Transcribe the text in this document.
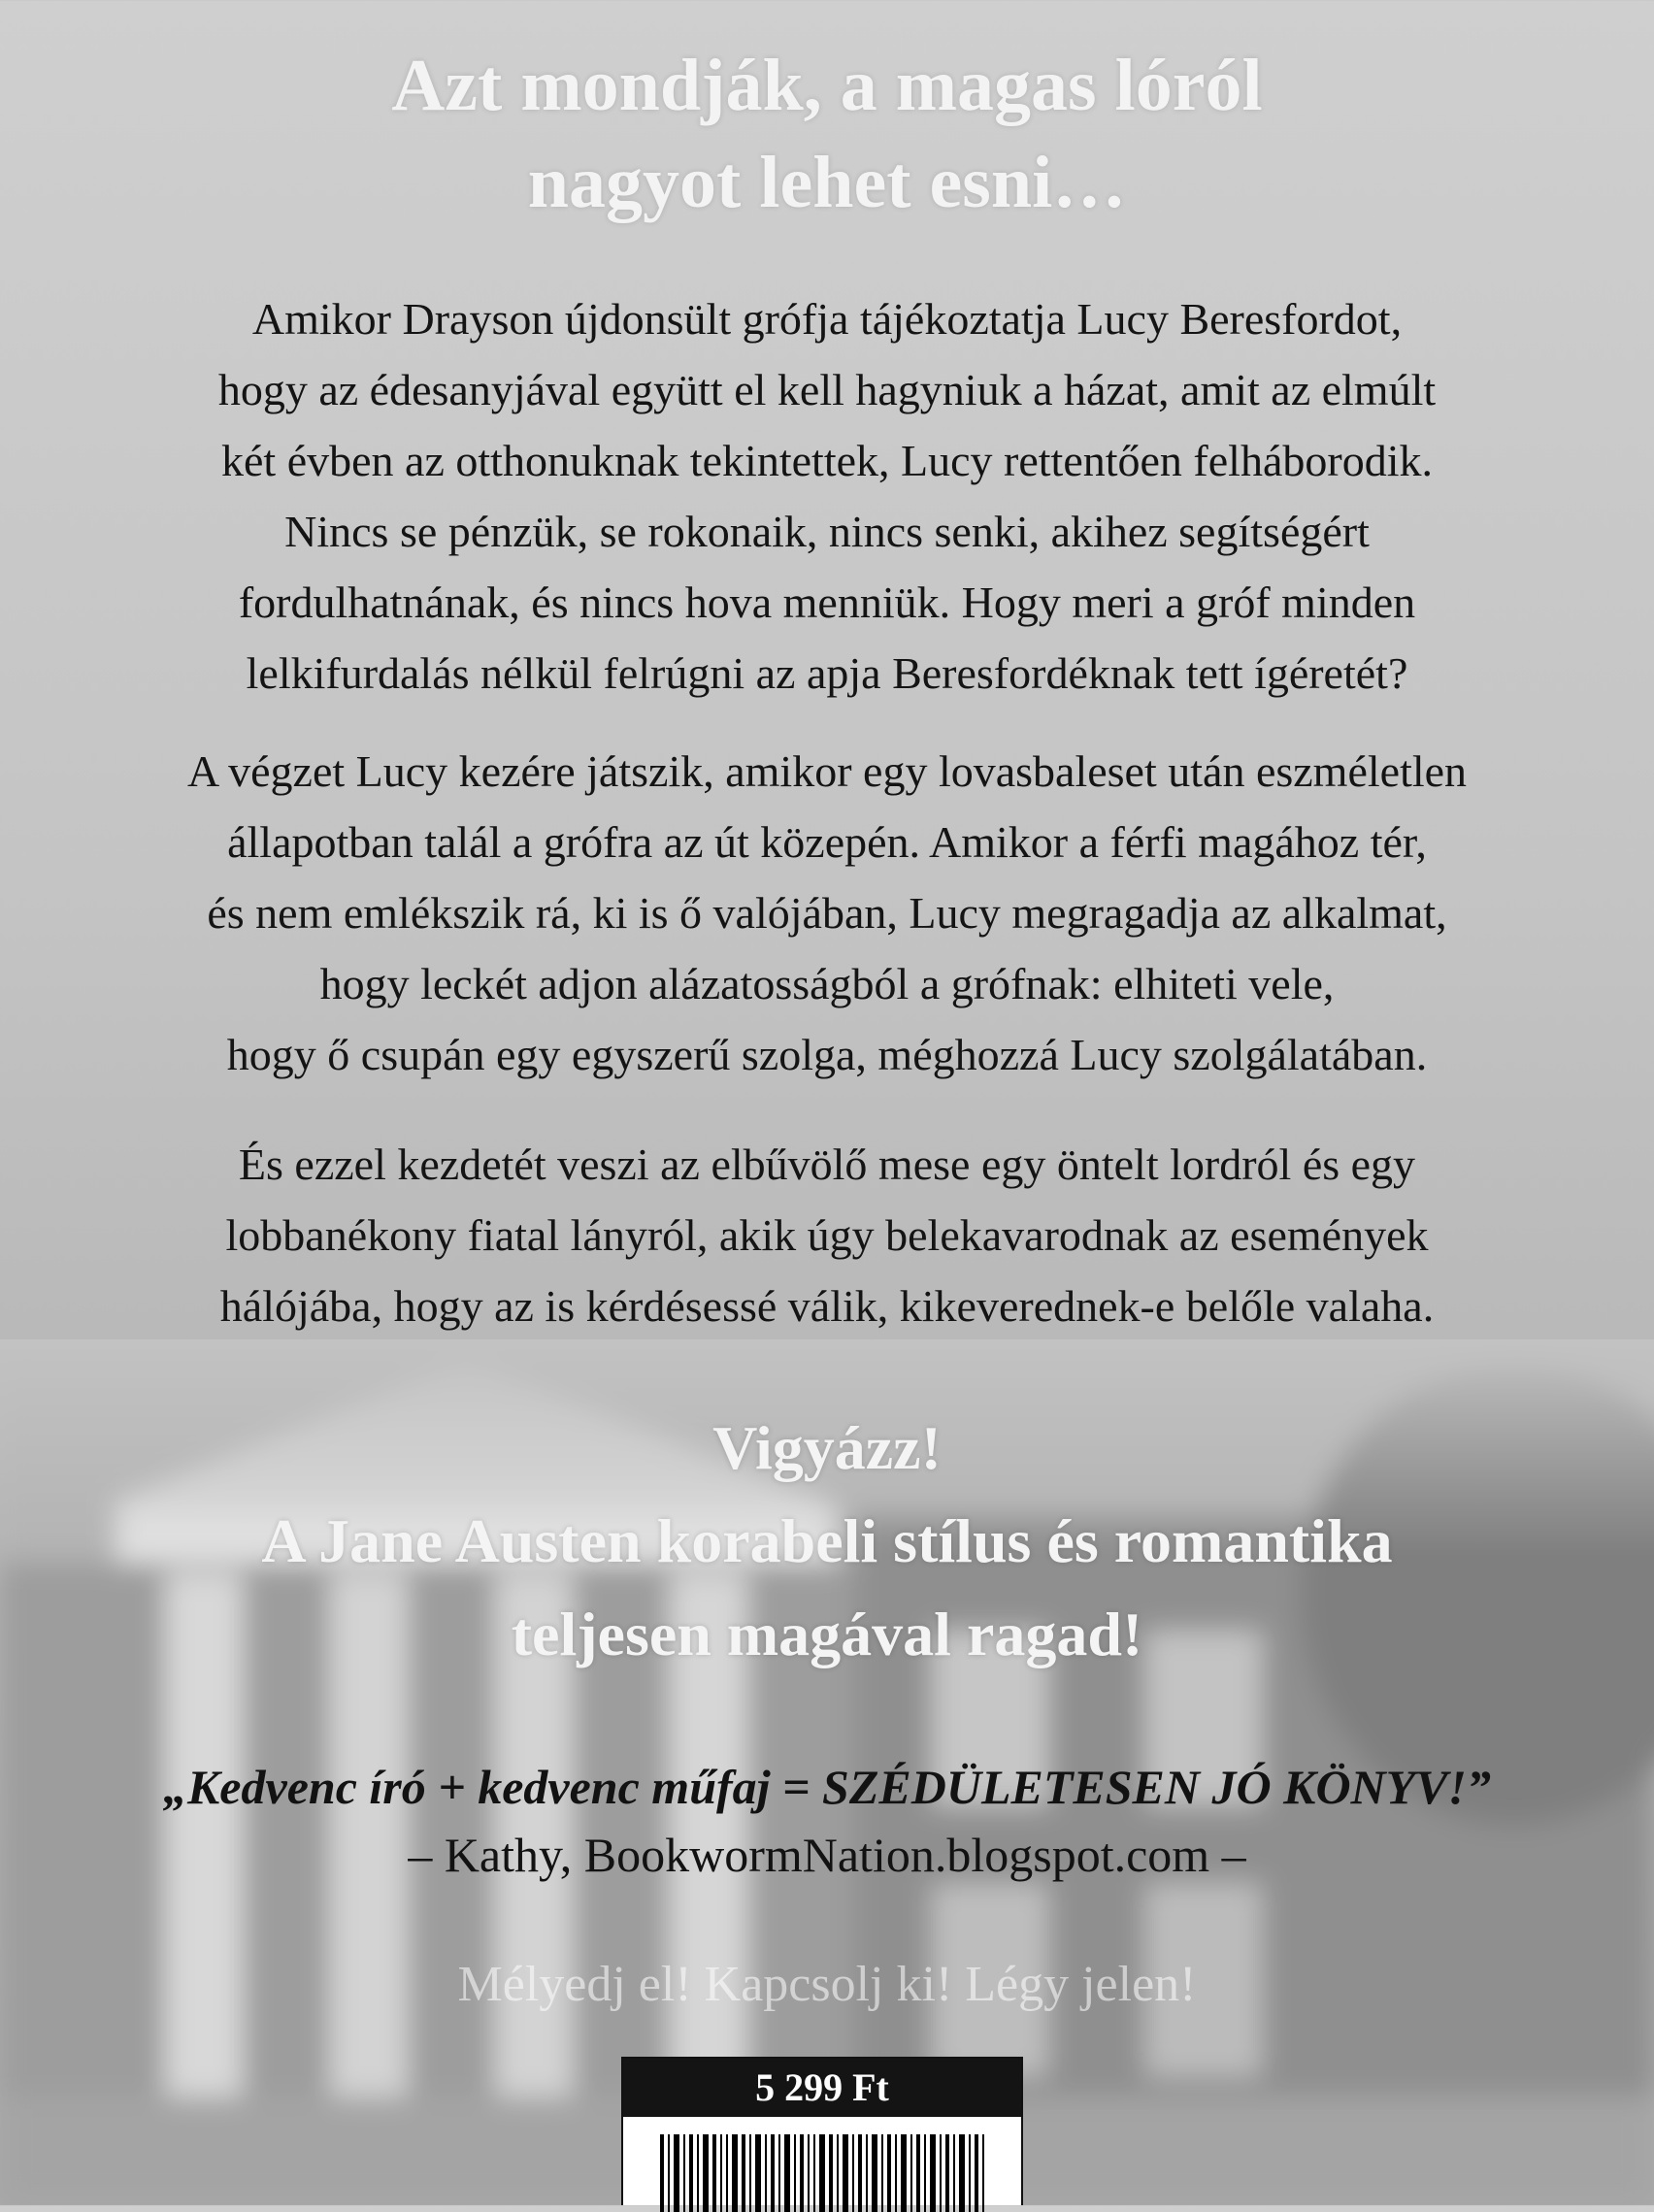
Azt mondják, a magas lóról
nagyot lehet esni…
Amikor Drayson újdonsült grófja tájékoztatja Lucy Beresfordot,
hogy az édesanyjával együtt el kell hagyniuk a házat, amit az elmúlt
két évben az otthonuknak tekintettek, Lucy rettentően felháborodik.
Nincs se pénzük, se rokonaik, nincs senki, akihez segítségért
fordulhatnának, és nincs hova menniük. Hogy meri a gróf minden
lelkifurdalás nélkül felrúgni az apja Beresfordéknak tett ígéretét?
A végzet Lucy kezére játszik, amikor egy lovasbaleset után eszméletlen
állapotban talál a grófra az út közepén. Amikor a férfi magához tér,
és nem emlékszik rá, ki is ő valójában, Lucy megragadja az alkalmat,
hogy leckét adjon alázatosságból a grófnak: elhiteti vele,
hogy ő csupán egy egyszerű szolga, méghozzá Lucy szolgálatában.
És ezzel kezdetét veszi az elbűvölő mese egy öntelt lordról és egy
lobbanékony fiatal lányról, akik úgy belekavarodnak az események
hálójába, hogy az is kérdésessé válik, kikeverednek-e belőle valaha.
Vigyázz!
A Jane Austen korabeli stílus és romantika
teljesen magával ragad!
„Kedvenc író + kedvenc műfaj = SZÉDÜLETESEN JÓ KÖNYV!”
– Kathy, BookwormNation.blogspot.com –
Mélyedj el! Kapcsolj ki! Légy jelen!
5 299 Ft
